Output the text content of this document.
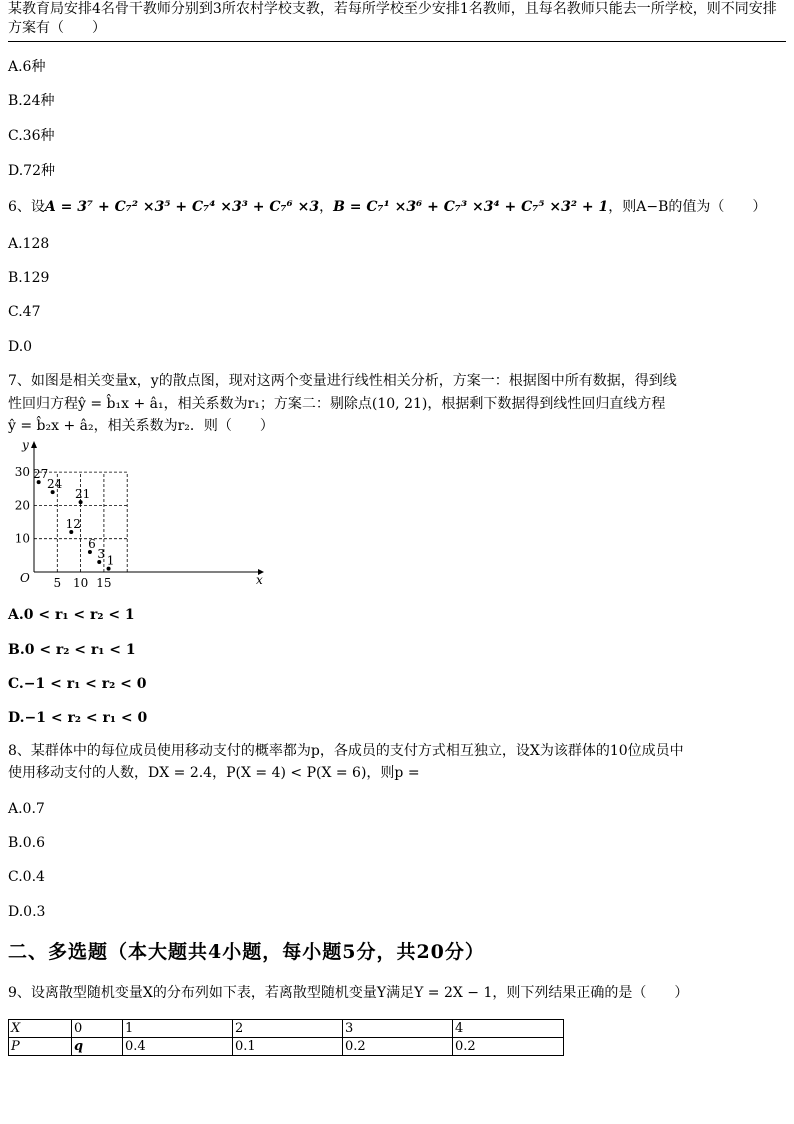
某教育局安排4名骨干教师分别到3所农村学校支教，若每所学校至少安排1名教师，且每名教师只能去一所学校，则不同安排方案有（　　）

A.6种
B.24种
C.36种
D.72种
6、设A = 3⁷ + C₇² ×3⁵ + C₇⁴ ×3³ + C₇⁶ ×3，B = C₇¹ ×3⁶ + C₇³ ×3⁴ + C₇⁵ ×3² + 1，则A−B的值为（　　）
A.128
B.129
C.47
D.0
7、如图是相关变量x，y的散点图，现对这两个变量进行线性相关分析，方案一：根据图中所有数据，得到线
性回归方程ŷ = b̂₁x + â₁，相关系数为r₁；方案二：剔除点(10, 21)，根据剩下数据得到线性回归直线方程
ŷ = b̂₂x + â₂，相关系数为r₂．则（　　）
x
y
O 5 10 15
10
20
30 27
24
12
21
6
3 1
A.0 < r₁ < r₂ < 1
B.0 < r₂ < r₁ < 1
C.−1 < r₁ < r₂ < 0
D.−1 < r₂ < r₁ < 0
8、某群体中的每位成员使用移动支付的概率都为p，各成员的支付方式相互独立，设X为该群体的10位成员中
使用移动支付的人数，DX = 2.4，P(X = 4) < P(X = 6)，则p =
A.0.7
B.0.6
C.0.4
D.0.3
二、多选题（本大题共4小题，每小题5分，共20分）
9、设离散型随机变量X的分布列如下表，若离散型随机变量Y满足Y = 2X − 1，则下列结果正确的是（　　）
X	0	1	2	3	4
P	q	0.4	0.1	0.2	0.2
